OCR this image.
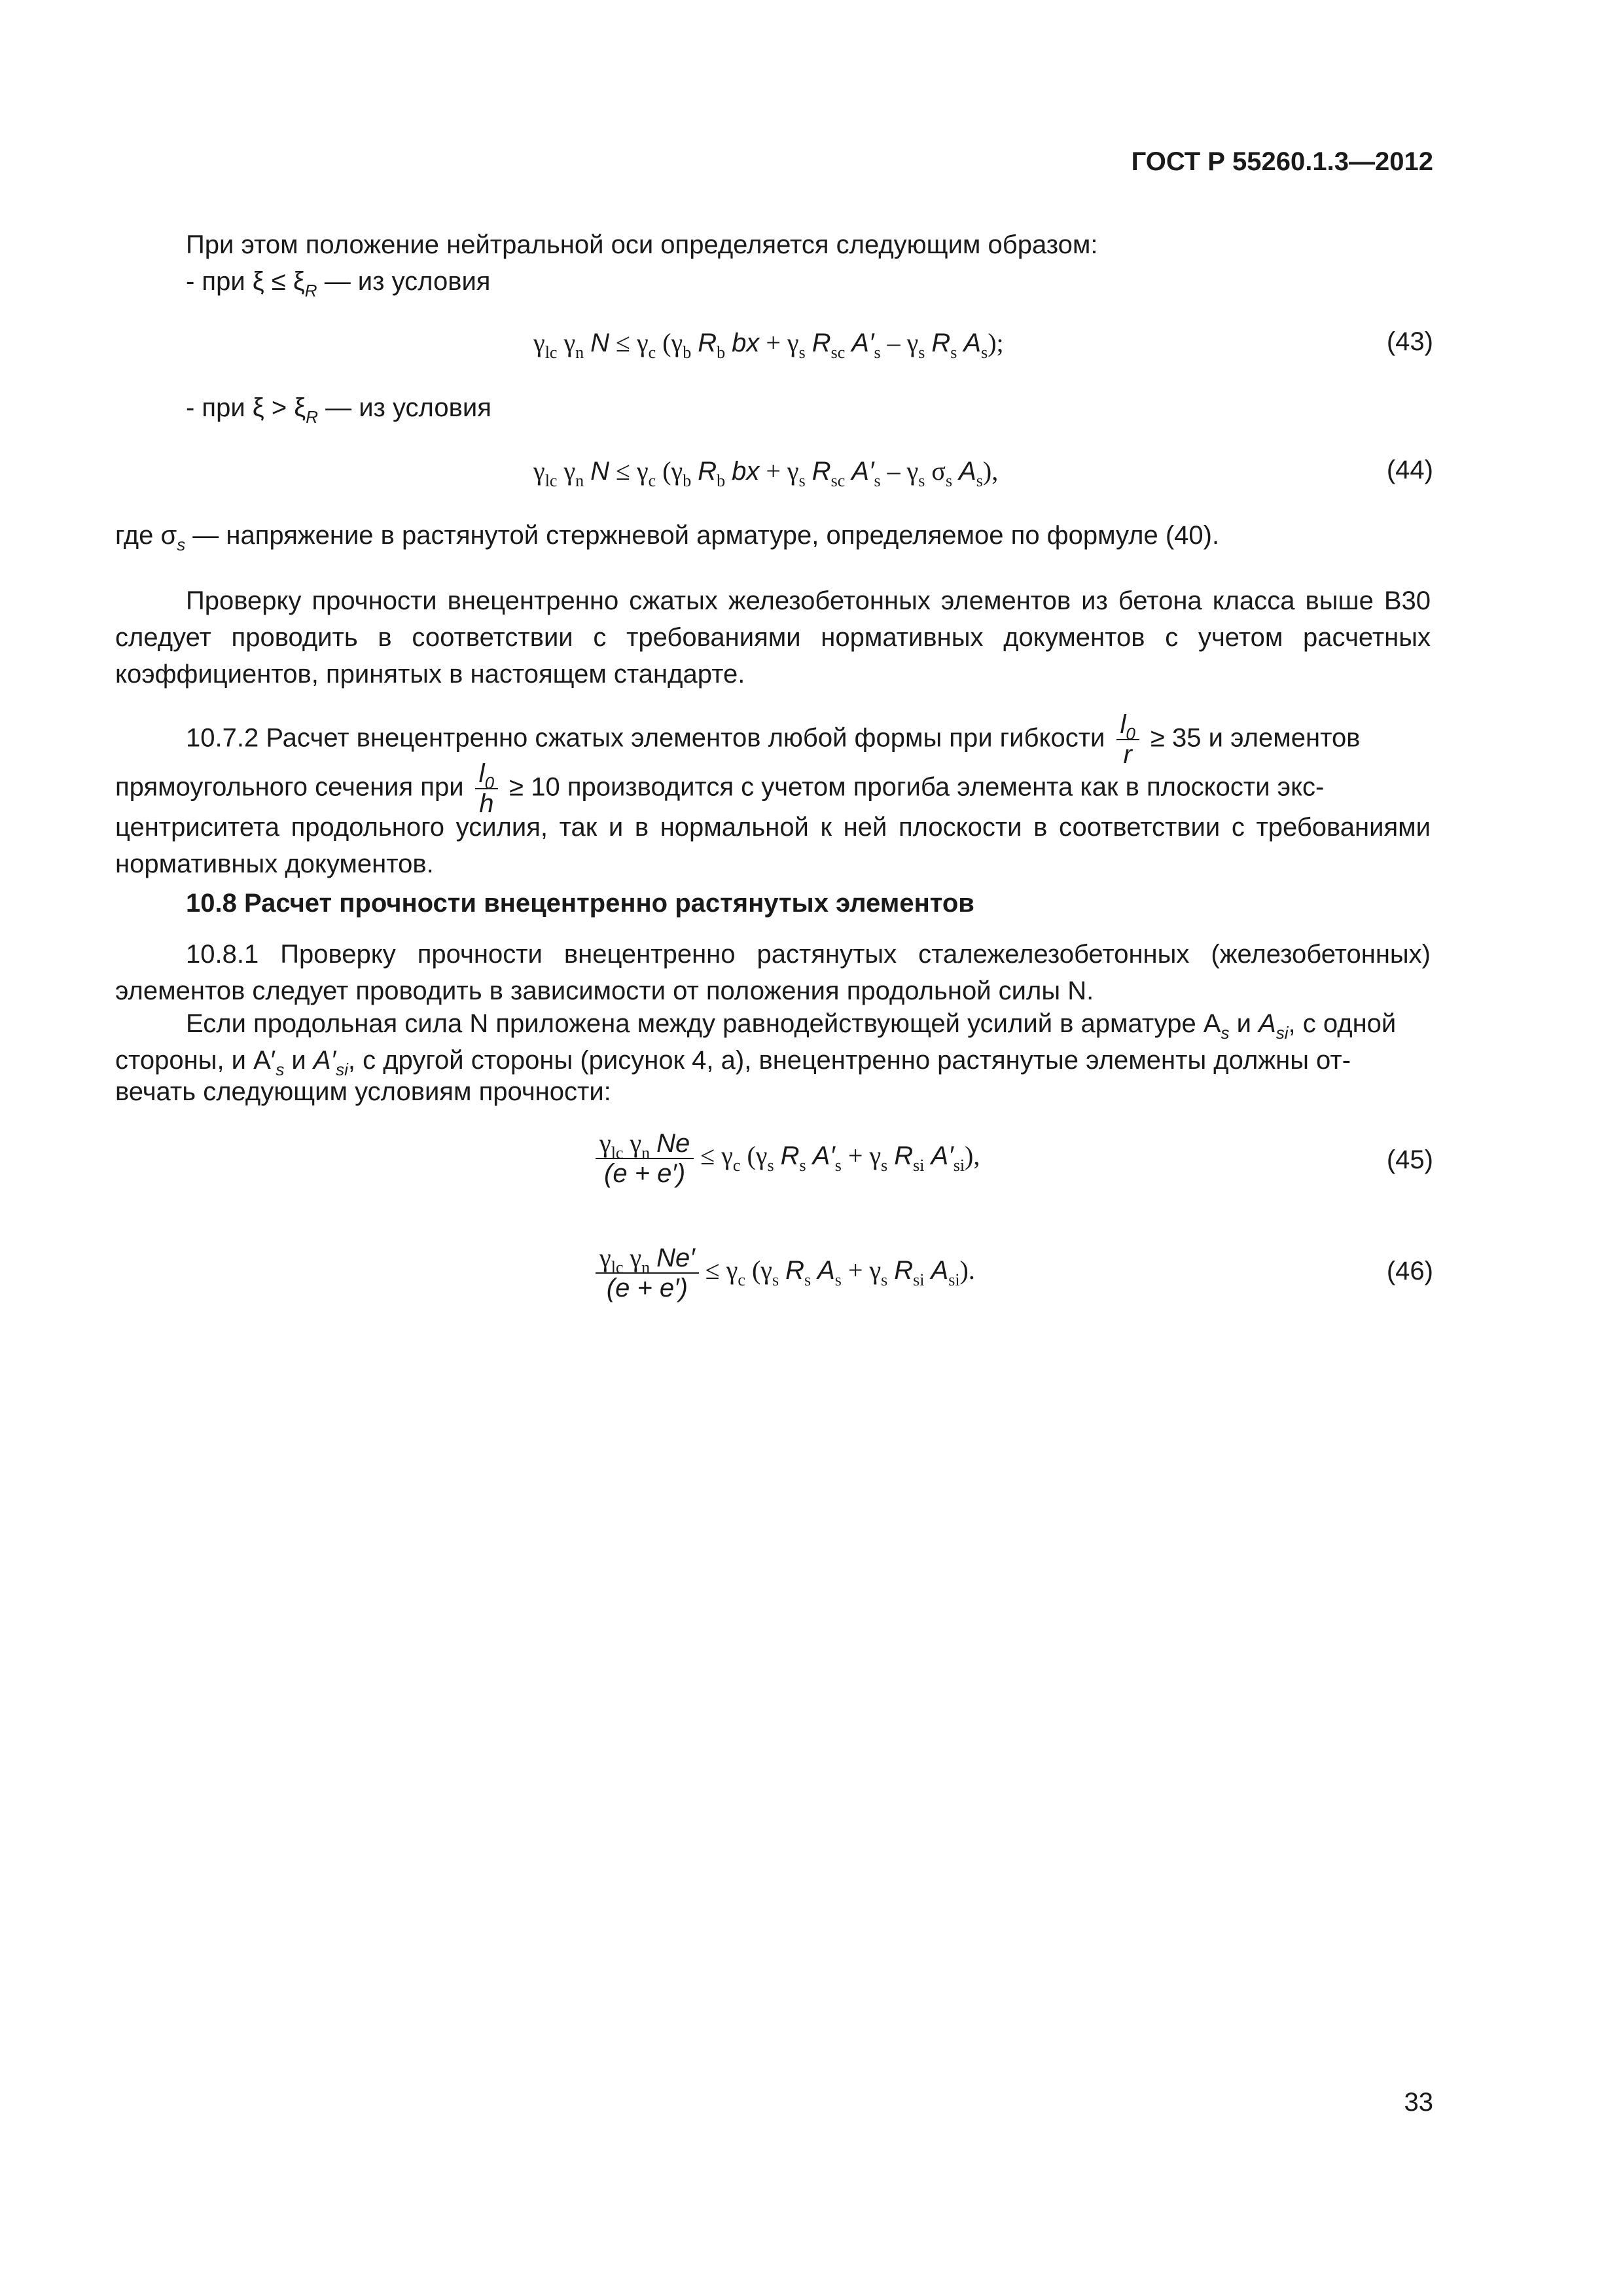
ГОСТ Р 55260.1.3—2012
При этом положение нейтральной оси определяется следующим образом:
- при $\xi \le \xi_R$ — из условия
$\gamma_{lc}$ $\gamma_n$ $N \le \gamma_c$ ($\gamma_b$ $R_b$ bx + $\gamma_s$ $R_{sc}$ $A'_s - \gamma_s$ $R_s$ $A_s$);	(43)
- при $\xi > \xi_R$ — из условия
$\gamma_{lc}$ $\gamma_n$ $N \le \gamma_c$ ($\gamma_b$ $R_b$ bx + $\gamma_s$ $R_{sc}$ $A'_s - \gamma_s$ $\sigma_s$ $A_s$),	(44)
где $\sigma_s$ — напряжение в растянутой стержневой арматуре, определяемое по формуле (40).
Проверку прочности внецентренно сжатых железобетонных элементов из бетона класса выше В30 следует проводить в соответствии с требованиями нормативных документов с учетом расчетных коэффициентов, принятых в настоящем стандарте.
10.7.2 Расчет внецентренно сжатых элементов любой формы при гибкости $\frac{l_0}{r} \ge 35$ и элементов
прямоугольного сечения при $\frac{l_0}{h} \ge 10$ производится с учетом прогиба элемента как в плоскости экс-
центриситета продольного усилия, так и в нормальной к ней плоскости в соответствии с требованиями нормативных документов.
10.8 Расчет прочности внецентренно растянутых элементов
10.8.1 Проверку прочности внецентренно растянутых сталежелезобетонных (железобетонных) элементов следует проводить в зависимости от положения продольной силы N.
Если продольная сила N приложена между равнодействующей усилий в арматуре $A_s$ и $A_{si}$, с одной
стороны, и $A'_s$ и $A'_{si}$, с другой стороны (рисунок 4, а), внецентренно растянутые элементы должны от-
вечать следующим условиям прочности:
$\frac{\gamma_{lc} \gamma_n Ne}{(e + e')} \le \gamma_c$ ($\gamma_s$ $R_s$ $A'_s + \gamma_s$ $R_{si}$ $A'_{si}$),	(45)
$\frac{\gamma_{lc} \gamma_n Ne'}{(e + e')} \le \gamma_c$ ($\gamma_s$ $R_s$ $A_s + \gamma_s$ $R_{si}$ $A_{si}$).	(46)
33
